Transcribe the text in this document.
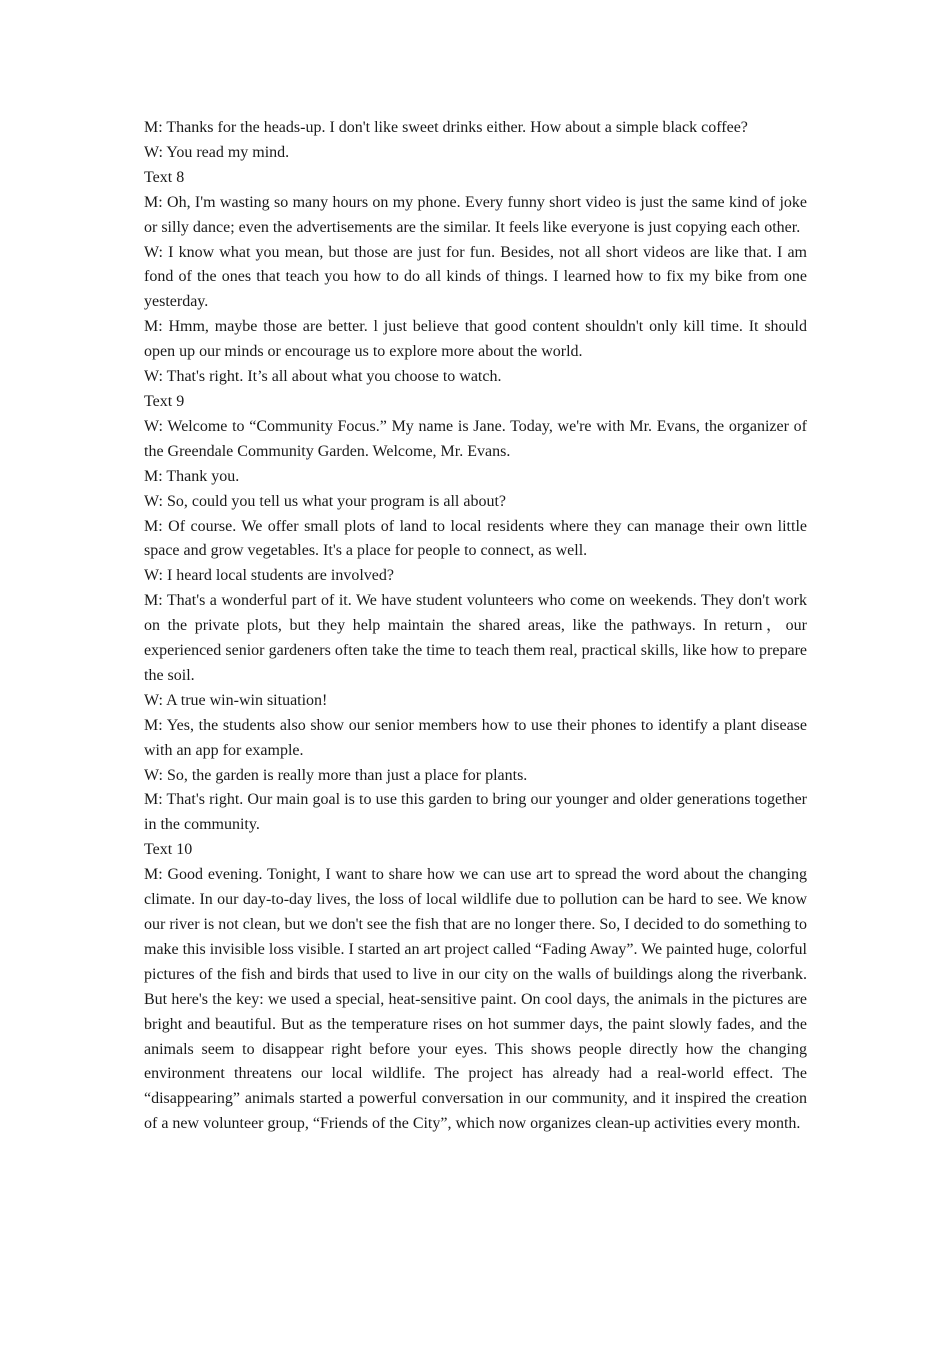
M: Thanks for the heads-up. I don't like sweet drinks either. How about a simple black coffee?

W: You read my mind.

Text 8

M: Oh, I'm wasting so many hours on my phone. Every funny short video is just the same kind of joke or silly dance; even the advertisements are the similar. It feels like everyone is just copying each other.

W: I know what you mean, but those are just for fun. Besides, not all short videos are like that. I am fond of the ones that teach you how to do all kinds of things. I learned how to fix my bike from one yesterday.

M: Hmm, maybe those are better. l just believe that good content shouldn't only kill time. It should open up our minds or encourage us to explore more about the world.

W: That's right. It’s all about what you choose to watch.

Text 9

W: Welcome to “Community Focus.” My name is Jane. Today, we're with Mr. Evans, the organizer of the Greendale Community Garden. Welcome, Mr. Evans.

M: Thank you.

W: So, could you tell us what your program is all about?

M: Of course. We offer small plots of land to local residents where they can manage their own little space and grow vegetables. It's a place for people to connect, as well.

W: I heard local students are involved?

M: That's a wonderful part of it. We have student volunteers who come on weekends. They don't work on the private plots, but they help maintain the shared areas, like the pathways. In return，our experienced senior gardeners often take the time to teach them real, practical skills, like how to prepare the soil.

W: A true win-win situation!

M: Yes, the students also show our senior members how to use their phones to identify a plant disease with an app for example.

W: So, the garden is really more than just a place for plants.

M: That's right. Our main goal is to use this garden to bring our younger and older generations together in the community.

Text 10

M: Good evening. Tonight, I want to share how we can use art to spread the word about the changing climate. In our day-to-day lives, the loss of local wildlife due to pollution can be hard to see. We know our river is not clean, but we don't see the fish that are no longer there. So, I decided to do something to make this invisible loss visible. I started an art project called “Fading Away”. We painted huge, colorful pictures of the fish and birds that used to live in our city on the walls of buildings along the riverbank. But here's the key: we used a special, heat-sensitive paint. On cool days, the animals in the pictures are bright and beautiful. But as the temperature rises on hot summer days, the paint slowly fades, and the animals seem to disappear right before your eyes. This shows people directly how the changing environment threatens our local wildlife. The project has already had a real-world effect. The “disappearing” animals started a powerful conversation in our community, and it inspired the creation of a new volunteer group, “Friends of the City”, which now organizes clean-up activities every month.
